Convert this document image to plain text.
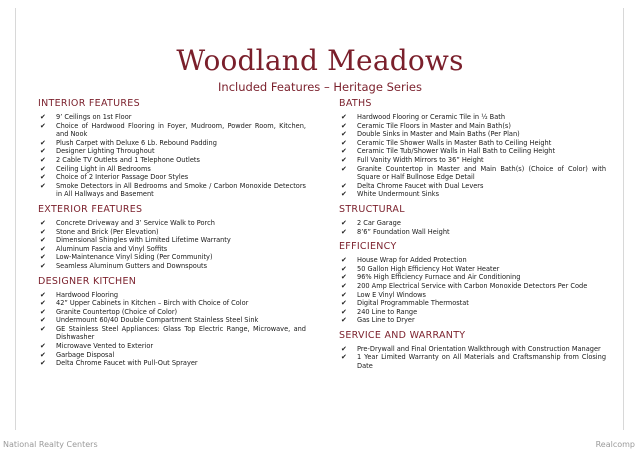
Woodland Meadows
Included Features – Heritage Series
INTERIOR FEATURES
✔ 9’ Ceilings on 1st Floor
✔ Choice of Hardwood Flooring in Foyer, Mudroom, Powder Room, Kitchen, and Nook
✔ Plush Carpet with Deluxe 6 Lb. Rebound Padding
✔ Designer Lighting Throughout
✔ 2 Cable TV Outlets and 1 Telephone Outlets
✔ Ceiling Light in All Bedrooms
✔ Choice of 2 Interior Passage Door Styles
✔ Smoke Detectors in All Bedrooms and Smoke / Carbon Monoxide Detectors in All Hallways and Basement
EXTERIOR FEATURES
✔ Concrete Driveway and 3’ Service Walk to Porch
✔ Stone and Brick (Per Elevation)
✔ Dimensional Shingles with Limited Lifetime Warranty
✔ Aluminum Fascia and Vinyl Soffits
✔ Low-Maintenance Vinyl Siding (Per Community)
✔ Seamless Aluminum Gutters and Downspouts
DESIGNER KITCHEN
✔ Hardwood Flooring
✔ 42” Upper Cabinets in Kitchen – Birch with Choice of Color
✔ Granite Countertop (Choice of Color)
✔ Undermount 60/40 Double Compartment Stainless Steel Sink
✔ GE Stainless Steel Appliances: Glass Top Electric Range, Microwave, and Dishwasher
✔ Microwave Vented to Exterior
✔ Garbage Disposal
✔ Delta Chrome Faucet with Pull-Out Sprayer
BATHS
✔ Hardwood Flooring or Ceramic Tile in ½ Bath
✔ Ceramic Tile Floors in Master and Main Bath(s)
✔ Double Sinks in Master and Main Baths (Per Plan)
✔ Ceramic Tile Shower Walls in Master Bath to Ceiling Height
✔ Ceramic Tile Tub/Shower Walls in Hall Bath to Ceiling Height
✔ Full Vanity Width Mirrors to 36” Height
✔ Granite Countertop in Master and Main Bath(s) (Choice of Color) with Square or Half Bullnose Edge Detail
✔ Delta Chrome Faucet with Dual Levers
✔ White Undermount Sinks
STRUCTURAL
✔ 2 Car Garage
✔ 8’6” Foundation Wall Height
EFFICIENCY
✔ House Wrap for Added Protection
✔ 50 Gallon High Efficiency Hot Water Heater
✔ 96% High Efficiency Furnace and Air Conditioning
✔ 200 Amp Electrical Service with Carbon Monoxide Detectors Per Code
✔ Low E Vinyl Windows
✔ Digital Programmable Thermostat
✔ 240 Line to Range
✔ Gas Line to Dryer
SERVICE AND WARRANTY
✔ Pre-Drywall and Final Orientation Walkthrough with Construction Manager
✔ 1 Year Limited Warranty on All Materials and Craftsmanship from Closing Date
National Realty Centers	Realcomp
